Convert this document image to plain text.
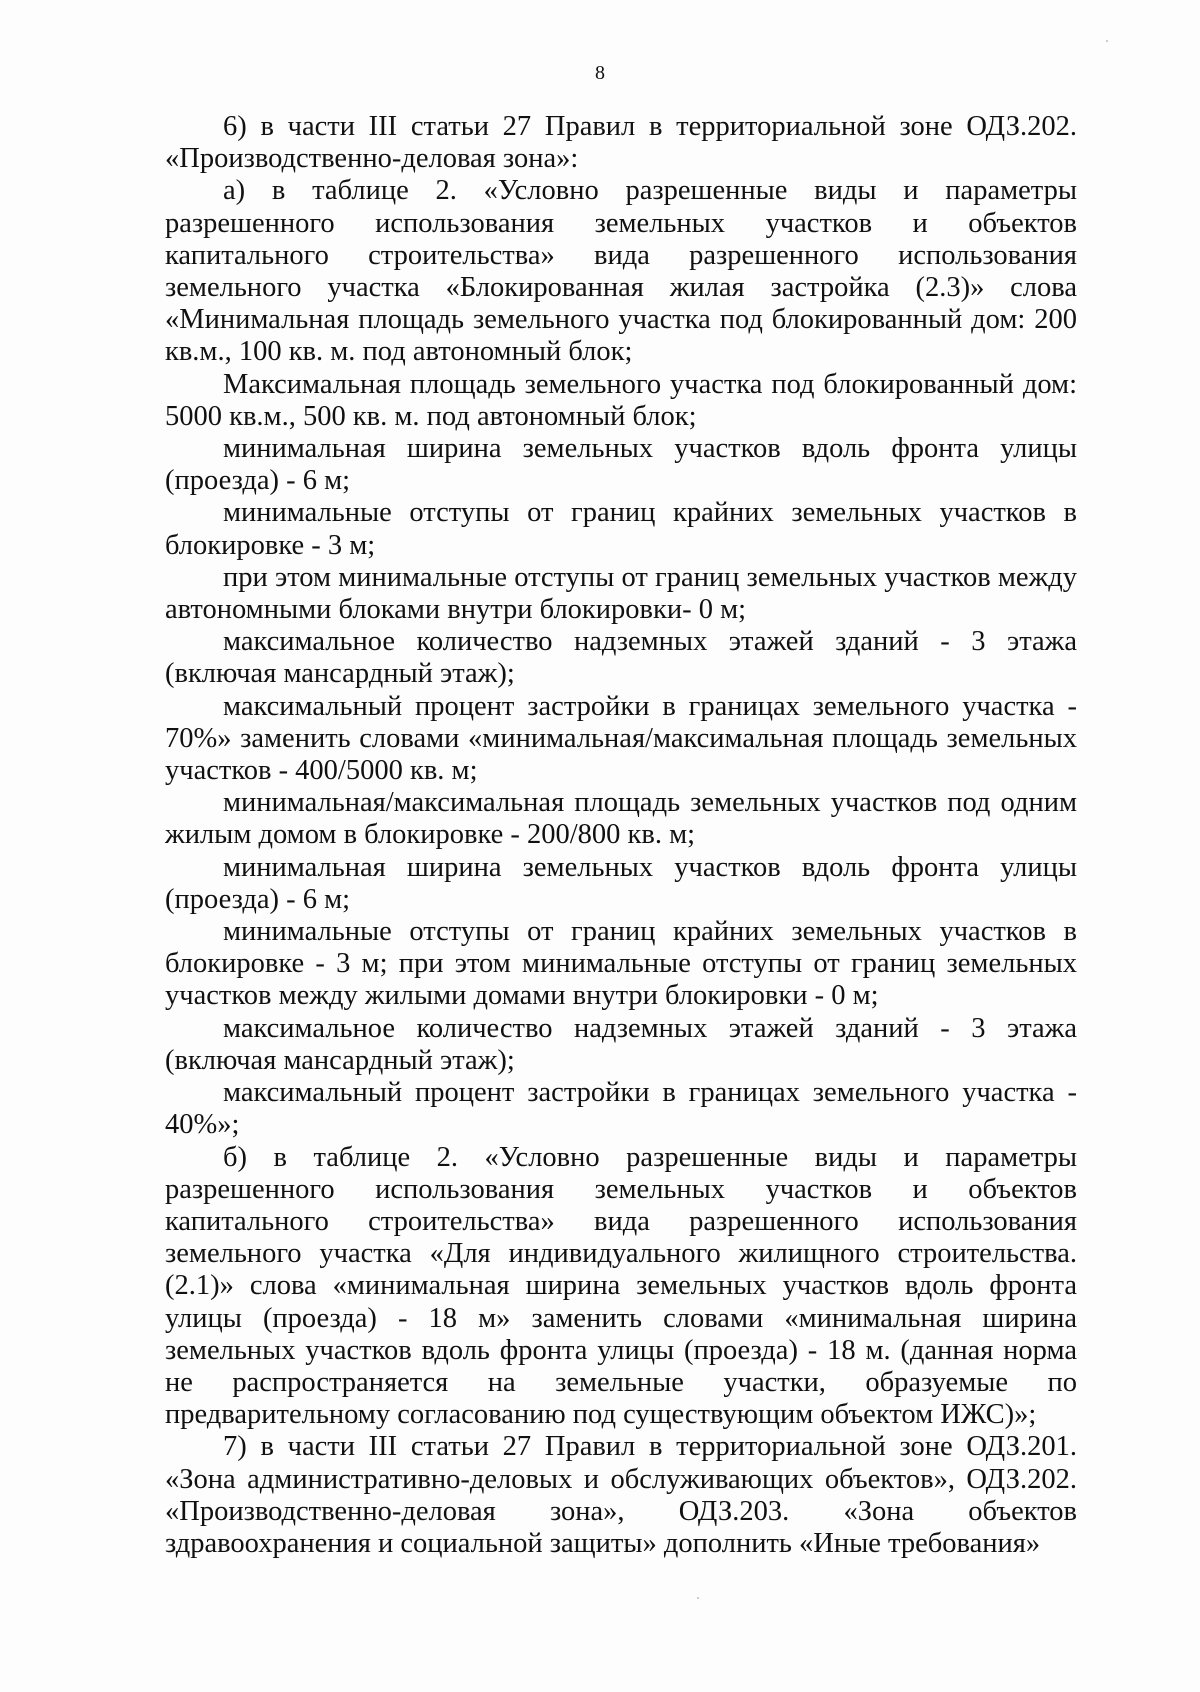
8

6) в части III статьи 27 Правил в территориальной зоне ОДЗ.202. «Производственно-деловая зона»:

а) в таблице 2. «Условно разрешенные виды и параметры разрешенного использования земельных участков и объектов капитального строительства» вида разрешенного использования земельного участка «Блокированная жилая застройка (2.3)» слова «Минимальная площадь земельного участка под блокированный дом: 200 кв.м., 100 кв. м. под автономный блок;

Максимальная площадь земельного участка под блокированный дом: 5000 кв.м., 500 кв. м. под автономный блок;

минимальная ширина земельных участков вдоль фронта улицы (проезда) - 6 м;

минимальные отступы от границ крайних земельных участков в блокировке - 3 м;

при этом минимальные отступы от границ земельных участков между автономными блоками внутри блокировки- 0 м;

максимальное количество надземных этажей зданий - 3 этажа (включая мансардный этаж);

максимальный процент застройки в границах земельного участка - 70%» заменить словами «минимальная/максимальная площадь земельных участков - 400/5000 кв. м;

минимальная/максимальная площадь земельных участков под одним жилым домом в блокировке - 200/800 кв. м;

минимальная ширина земельных участков вдоль фронта улицы (проезда) - 6 м;

минимальные отступы от границ крайних земельных участков в блокировке - 3 м; при этом минимальные отступы от границ земельных участков между жилыми домами внутри блокировки - 0 м;

максимальное количество надземных этажей зданий - 3 этажа (включая мансардный этаж);

максимальный процент застройки в границах земельного участка - 40%»;

б) в таблице 2. «Условно разрешенные виды и параметры разрешенного использования земельных участков и объектов капитального строительства» вида разрешенного использования земельного участка «Для индивидуального жилищного строительства. (2.1)» слова «минимальная ширина земельных участков вдоль фронта улицы (проезда) - 18 м» заменить словами «минимальная ширина земельных участков вдоль фронта улицы (проезда) - 18 м. (данная норма не распространяется на земельные участки, образуемые по предварительному согласованию под существующим объектом ИЖС)»;

7) в части III статьи 27 Правил в территориальной зоне ОДЗ.201. «Зона административно-деловых и обслуживающих объектов», ОДЗ.202. «Производственно-деловая зона», ОДЗ.203. «Зона объектов здравоохранения и социальной защиты» дополнить «Иные требования»
